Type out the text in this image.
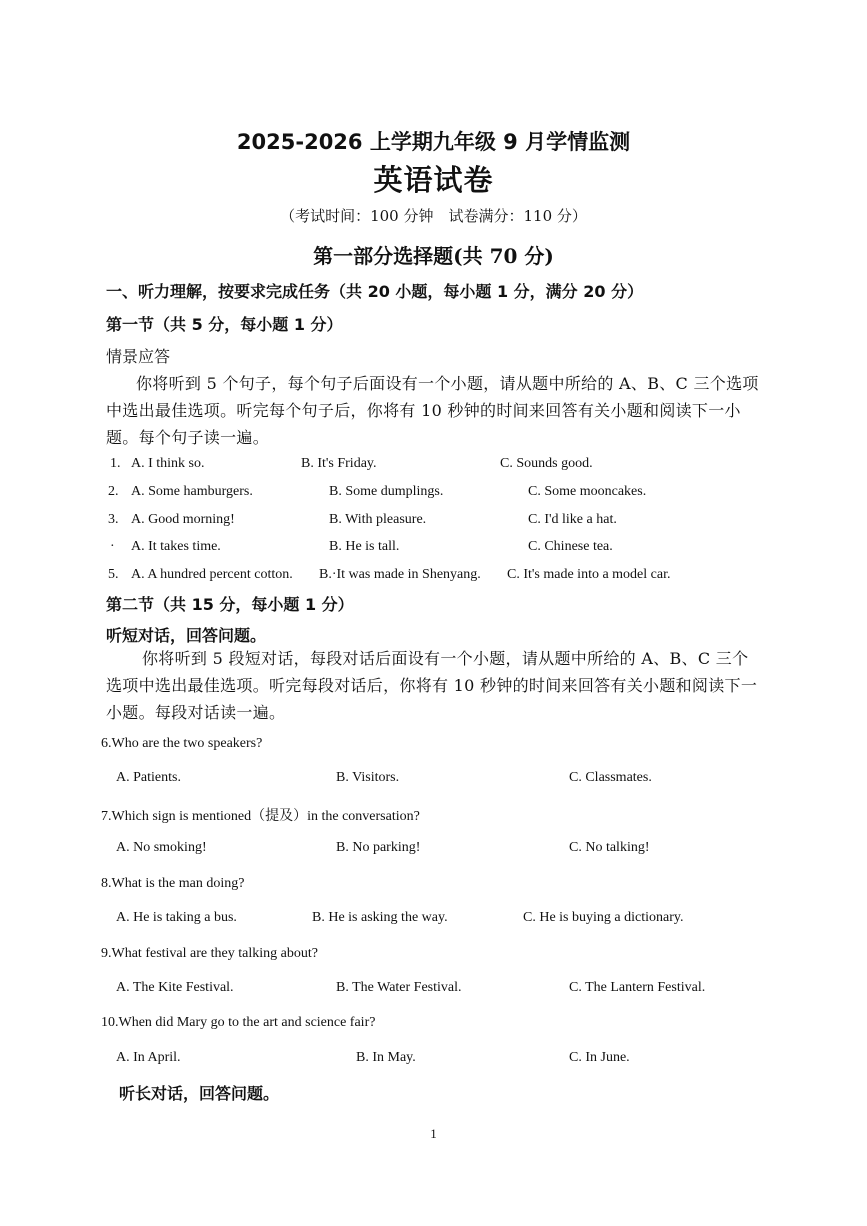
2025-2026 上学期九年级 9 月学情监测
英语试卷
（考试时间：100 分钟　试卷满分：110 分）
第一部分选择题(共 70 分)
一、听力理解，按要求完成任务（共 20 小题，每小题 1 分，满分 20 分）
第一节（共 5 分，每小题 1 分）
情景应答
你将听到 5 个句子，每个句子后面设有一个小题，请从题中所给的 A、B、C 三个选项中选出最佳选项。听完每个句子后，你将有 10 秒钟的时间来回答有关小题和阅读下一小题。每个句子读一遍。
1. A. I think so.	B. It's Friday.	C. Sounds good.
2. A. Some hamburgers.	B. Some dumplings.	C. Some mooncakes.
3. A. Good morning!	B. With pleasure.	C. I'd like a hat.
· A. It takes time.	B. He is tall.	C. Chinese tea.
5. A. A hundred percent cotton. B.·It was made in Shenyang. C. It's made into a model car.
第二节（共 15 分，每小题 1 分）
听短对话，回答问题。
你将听到 5 段短对话，每段对话后面设有一个小题，请从题中所给的 A、B、C 三个选项中选出最佳选项。听完每段对话后，你将有 10 秒钟的时间来回答有关小题和阅读下一小题。每段对话读一遍。
6.Who are the two speakers?
A. Patients.	B. Visitors.	C. Classmates.
7.Which sign is mentioned（提及）in the conversation?
A. No smoking!	B. No parking!	C. No talking!
8.What is the man doing?
A. He is taking a bus.	B. He is asking the way.	C. He is buying a dictionary.
9.What festival are they talking about?
A. The Kite Festival.	B. The Water Festival.	C. The Lantern Festival.
10.When did Mary go to the art and science fair?
A. In April.	B. In May.	C. In June.
听长对话，回答问题。
1
